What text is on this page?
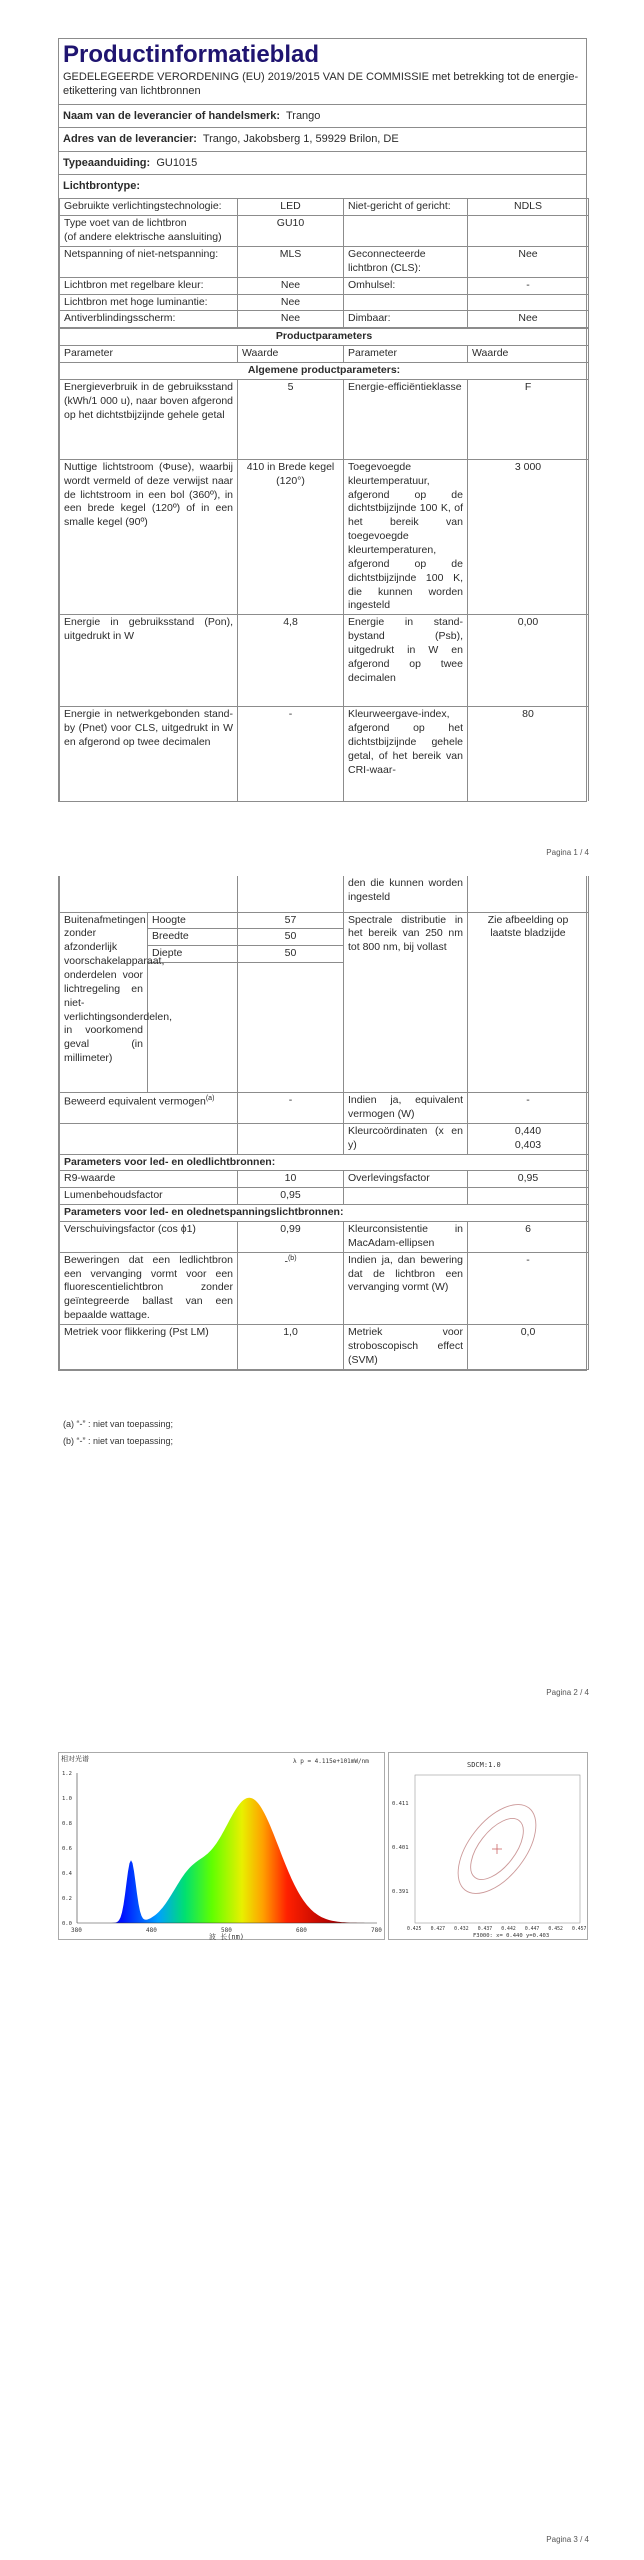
Productinformatieblad
GEDELEGEERDE VERORDENING (EU) 2019/2015 VAN DE COMMISSIE met betrekking tot de energie-etikettering van lichtbronnen
Naam van de leverancier of handelsmerk: Trango
Adres van de leverancier: Trango, Jakobsberg 1, 59929 Brilon, DE
Typeaanduiding: GU1015
Lichtbrontype:
Gebruikte verlichtingstechnologie:	LED	Niet-gericht of gericht:	NDLS
Type voet van de lichtbron
(of andere elektrische aansluiting)	GU10		
Netspanning of niet-netspanning:	MLS	Geconnecteerde lichtbron (CLS):	Nee
Lichtbron met regelbare kleur:	Nee	Omhulsel:	-
Lichtbron met hoge luminantie:	Nee		
Antiverblindingsscherm:	Nee	Dimbaar:	Nee
Productparameters			
Parameter	Waarde	Parameter	Waarde
Algemene productparameters:			
Energieverbruik in de gebruiksstand (kWh/1 000 u), naar boven afgerond op het dichtstbijzijnde gehele getal	5	Energie-efficiëntieklasse	F
Nuttige lichtstroom (Φuse), waarbij wordt vermeld of deze verwijst naar de lichtstroom in een bol (360º), in een brede kegel (120º) of in een smalle kegel (90º)	410 in Brede kegel (120°)	Toegevoegde kleurtemperatuur, afgerond op de dichtstbijzijnde 100 K, of het bereik van toegevoegde kleurtemperaturen, afgerond op de dichtstbijzijnde 100 K, die kunnen worden ingesteld	3 000
Energie in gebruiksstand (Pon), uitgedrukt in W	4,8	Energie in stand-bystand (Psb), uitgedrukt in W en afgerond op twee decimalen	0,00
Energie in netwerkgebonden stand-by (Pnet) voor CLS, uitgedrukt in W en afgerond op twee decimalen	-	Kleurweergave-index, afgerond op het dichtstbijzijnde gehele getal, of het bereik van CRI-waar-	80
Pagina 1 / 4
			den die kunnen worden ingesteld	
Buitenafmetingen zonder afzonderlijk voorschakelapparaat, onderdelen voor lichtregeling en niet-verlichtingsonderdelen, in voorkomend geval (in millimeter)	Hoogte	57	Spectrale distributie in het bereik van 250 nm tot 800 nm, bij vollast	Zie afbeelding op laatste bladzijde
	Breedte	50		
	Diepte	50		

Beweerd equivalent vermogen$^{(a)}$		-	Indien ja, equivalent vermogen (W)	-
			Kleurcoördinaten (x en y)	0,440
0,403

Parameters voor led- en oledlichtbronnen:				
R9-waarde		10	Overlevingsfactor	0,95
Lumenbehoudsfactor		0,95		
Parameters voor led- en olednetspanningslichtbronnen:				
Verschuivingsfactor (cos ϕ1)		0,99	Kleurconsistentie in MacAdam-ellipsen	6
Beweringen dat een ledlichtbron een vervanging vormt voor een fluorescentielichtbron zonder geïntegreerde ballast van een bepaalde wattage.		-$^{(b)}$	Indien ja, dan bewering dat de lichtbron een vervanging vormt (W)	-
Metriek voor flikkering (Pst LM)		1,0	Metriek voor stroboscopisch effect (SVM)	0,0
(a) “-” : niet van toepassing;
(b) “-” : niet van toepassing;
Pagina 2 / 4
相对光谱	λ p = 4.115e+101mW/nm
380	480	580	680	780
0.0
0.2
0.4
0.6
0.8
1.0
1.2
波 长(nm)
SDCM:1.0
0.411
0.401
0.391
0.425 0.427 0.432 0.437 0.442 0.447 0.452 0.457
F3000: x= 0.440 y=0.403
Pagina 3 / 4
